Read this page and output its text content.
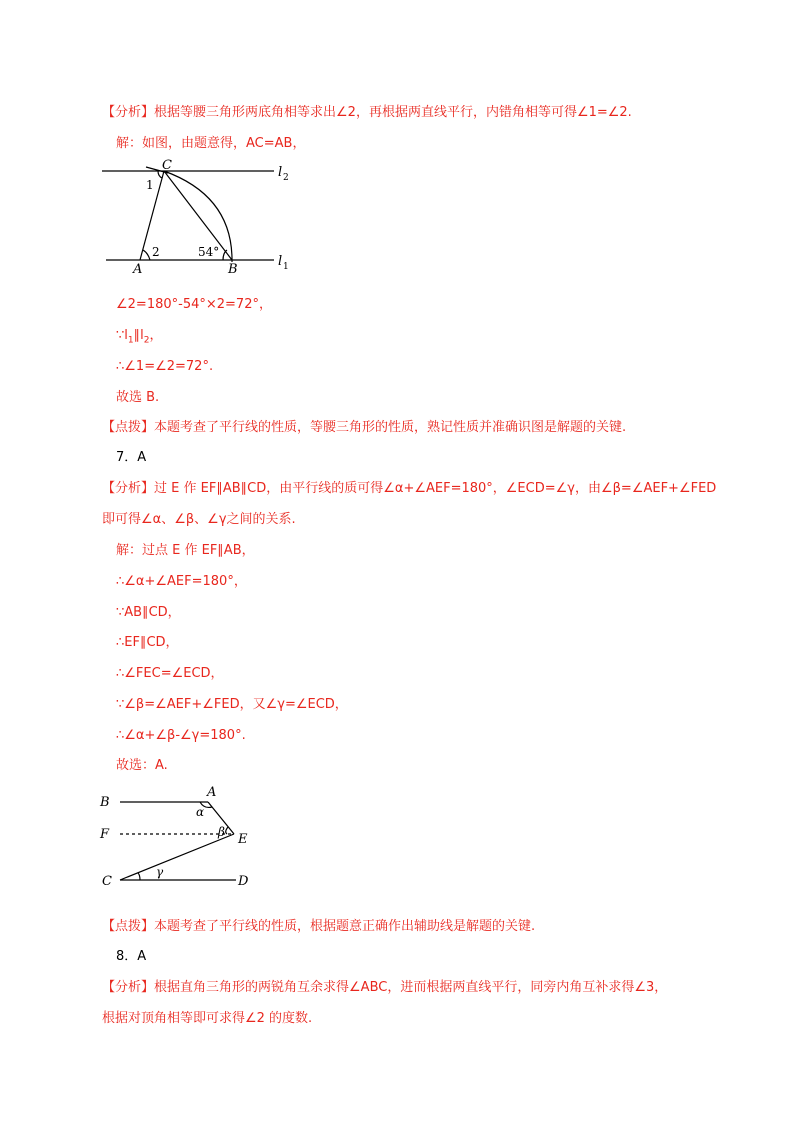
【分析】根据等腰三角形两底角相等求出∠2，再根据两直线平行，内错角相等可得∠1=∠2.
解：如图，由题意得，AC=AB，
C
1
2	54°
A	B
l 2
l 1
∠2=180°-54°×2=72°，
$\because l_1\parallel l_2$，
∴∠1=∠2=72°.
故选 B.
【点拨】本题考查了平行线的性质，等腰三角形的性质，熟记性质并准确识图是解题的关键.
7．A
【分析】过 E 作 EF∥AB∥CD，由平行线的质可得∠α+∠AEF=180°，∠ECD=∠γ，由∠β=∠AEF+∠FED
即可得∠α、∠β、∠γ之间的关系.
解：过点 E 作 EF∥AB，
∴∠α+∠AEF=180°，
∵AB∥CD，
∴EF∥CD，
∴∠FEC=∠ECD，
∵∠β=∠AEF+∠FED，又∠γ=∠ECD，
∴∠α+∠β-∠γ=180°.
故选：A.
B
A
α
F	β E
γ
C	D
【点拨】本题考查了平行线的性质，根据题意正确作出辅助线是解题的关键.
8．A
【分析】根据直角三角形的两锐角互余求得∠ABC，进而根据两直线平行，同旁内角互补求得∠3，
根据对顶角相等即可求得∠2 的度数.
